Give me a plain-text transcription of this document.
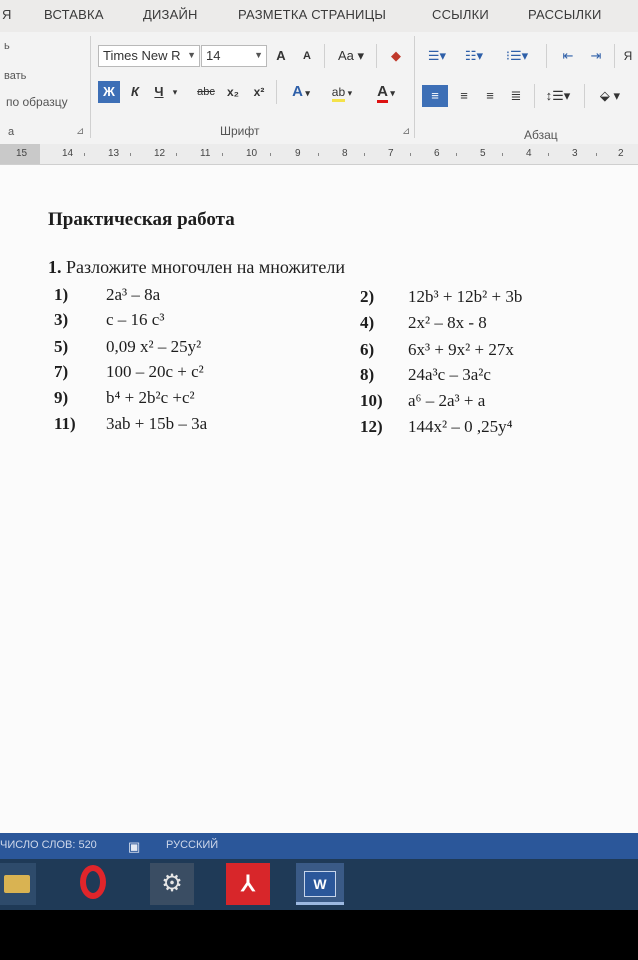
Я ВСТАВКА	ДИЗАЙН	РАЗМЕТКА СТРАНИЦЫ	ССЫЛКИ	РАССЫЛКИ
ь
вать
по образцу
а	⊿
Times New R ▼ 14	▼	A	A	Aa ▾	◆
Ж	К	Ч	▾	abc	x₂	x²	A ▾	ab ▾	A ▾
Шрифт	⊿
☰▾	☷▾	⁝☰▾	⇤	⇥	Я
≡	≡	≡	≣	↕☰▾	⬙ ▾
Абзац
15	14	13	12	11	10	9	8	7	6	5	4	3	2
Практическая работа
1. Разложите многочлен на множители
1) 2a³ – 8a
3) c – 16 c³
5) 0,09 x² – 25y²
7) 100 – 20c + c²
9) b⁴ + 2b²c +c²
11) 3ab + 15b – 3a
2) 12b³ + 12b² + 3b
4) 2x² – 8x - 8
6) 6x³ + 9x² + 27x
8) 24a³c – 3a²c
10) a⁶ – 2a³ + a
12) 144x² – 0 ,25y⁴
ЧИСЛО СЛОВ: 520 ▣ РУССКИЙ
⚙	⅄	W
